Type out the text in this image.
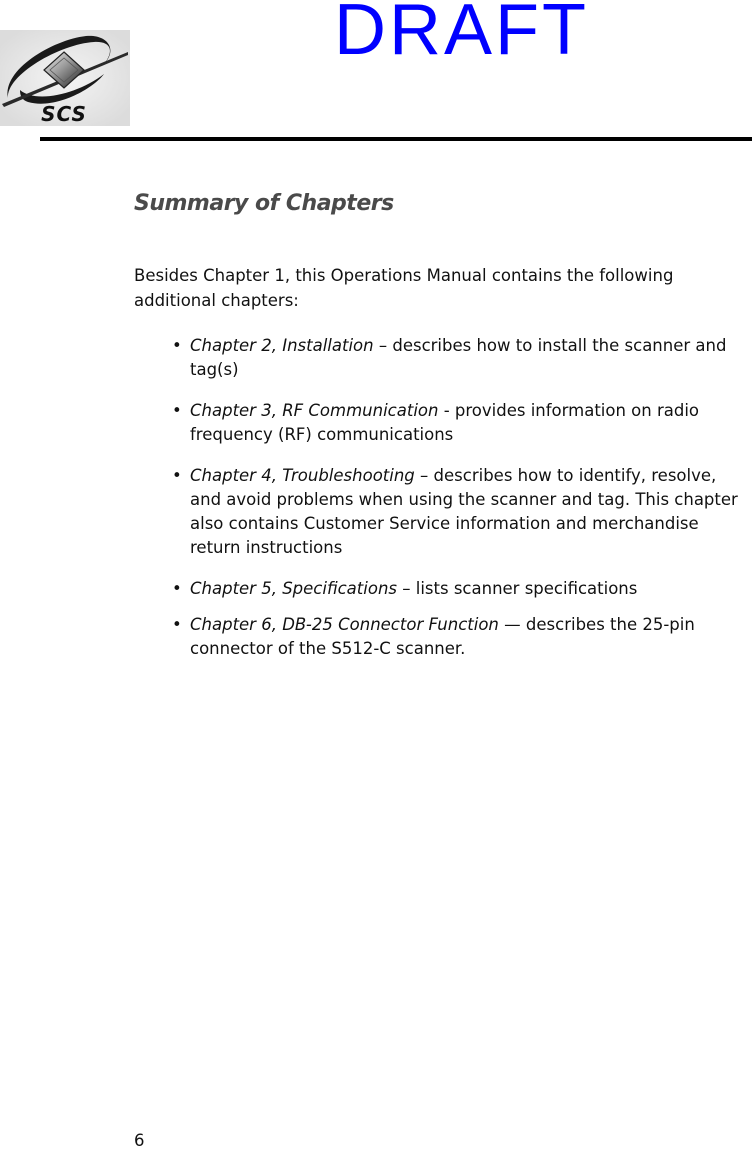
DRAFT
SCS
Summary of Chapters

Besides Chapter 1, this Operations Manual contains the following additional chapters:

• Chapter 2, Installation – describes how to install the scanner and tag(s)
• Chapter 3, RF Communication - provides information on radio frequency (RF) communications
• Chapter 4, Troubleshooting – describes how to identify, resolve, and avoid problems when using the scanner and tag. This chapter also contains Customer Service information and merchandise return instructions
• Chapter 5, Specifications – lists scanner specifications
• Chapter 6, DB-25 Connector Function — describes the 25-pin connector of the S512-C scanner.

6
